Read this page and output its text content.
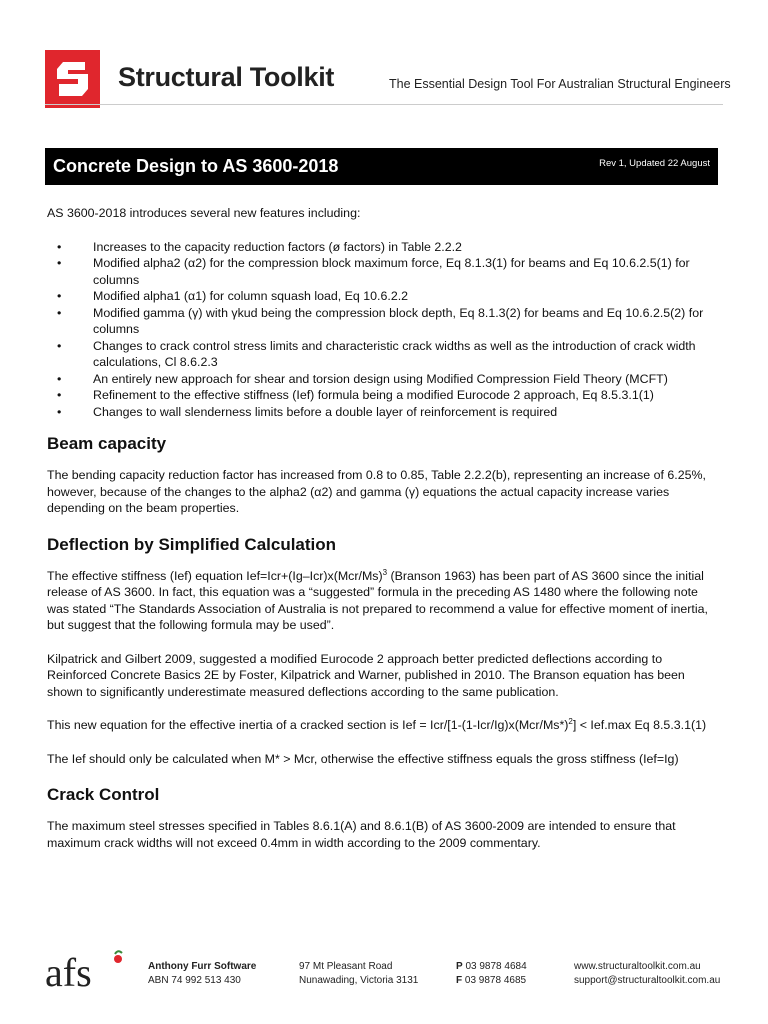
Structural Toolkit	The Essential Design Tool For Australian Structural Engineers
Concrete Design to AS 3600-2018	Rev 1, Updated 22 August

AS 3600-2018 introduces several new features including:

•	Increases to the capacity reduction factors (ø factors) in Table 2.2.2
•	Modified alpha2 (α2) for the compression block maximum force, Eq 8.1.3(1) for beams and Eq 10.6.2.5(1) for columns
•	Modified alpha1 (α1) for column squash load, Eq 10.6.2.2
•	Modified gamma (γ) with γkud being the compression block depth, Eq 8.1.3(2) for beams and Eq 10.6.2.5(2) for columns
•	Changes to crack control stress limits and characteristic crack widths as well as the introduction of crack width calculations, Cl 8.6.2.3
•	An entirely new approach for shear and torsion design using Modified Compression Field Theory (MCFT)
•	Refinement to the effective stiffness (Ief) formula being a modified Eurocode 2 approach, Eq 8.5.3.1(1)
•	Changes to wall slenderness limits before a double layer of reinforcement is required
Beam capacity

The bending capacity reduction factor has increased from 0.8 to 0.85, Table 2.2.2(b), representing an increase of 6.25%, however, because of the changes to the alpha2 (α2) and gamma (γ) equations the actual capacity increase varies depending on the beam properties.

Deflection by Simplified Calculation

The effective stiffness (Ief) equation $Ief=Icr+(Ig-Icr)x(Mcr/Ms)^3$ (Branson 1963) has been part of AS 3600 since the initial release of AS 3600. In fact, this equation was a “suggested” formula in the preceding AS 1480 where the following note was stated “The Standards Association of Australia is not prepared to recommend a value for effective moment of inertia, but suggest that the following formula may be used”.

Kilpatrick and Gilbert 2009, suggested a modified Eurocode 2 approach better predicted deflections according to Reinforced Concrete Basics 2E by Foster, Kilpatrick and Warner, published in 2010. The Branson equation has been shown to significantly underestimate measured deflections according to the same publication.

This new equation for the effective inertia of a cracked section is Ief = Icr/$[1-(1-Icr/Ig)x(Mcr/Ms*)^2] < Ief.\max$ Eq 8.5.3.1(1)

The Ief should only be calculated when M* > Mcr, otherwise the effective stiffness equals the gross stiffness (Ief=Ig)

Crack Control

The maximum steel stresses specified in Tables 8.6.1(A) and 8.6.1(B) of AS 3600-2009 are intended to ensure that maximum crack widths will not exceed 0.4mm in width according to the 2009 commentary.

afs	Anthony Furr Software
ABN 74 992 513 430
97 Mt Pleasant Road
Nunawading, Victoria 3131
P 03 9878 4684
F 03 9878 4685
www.structuraltoolkit.com.au
support@structuraltoolkit.com.au
